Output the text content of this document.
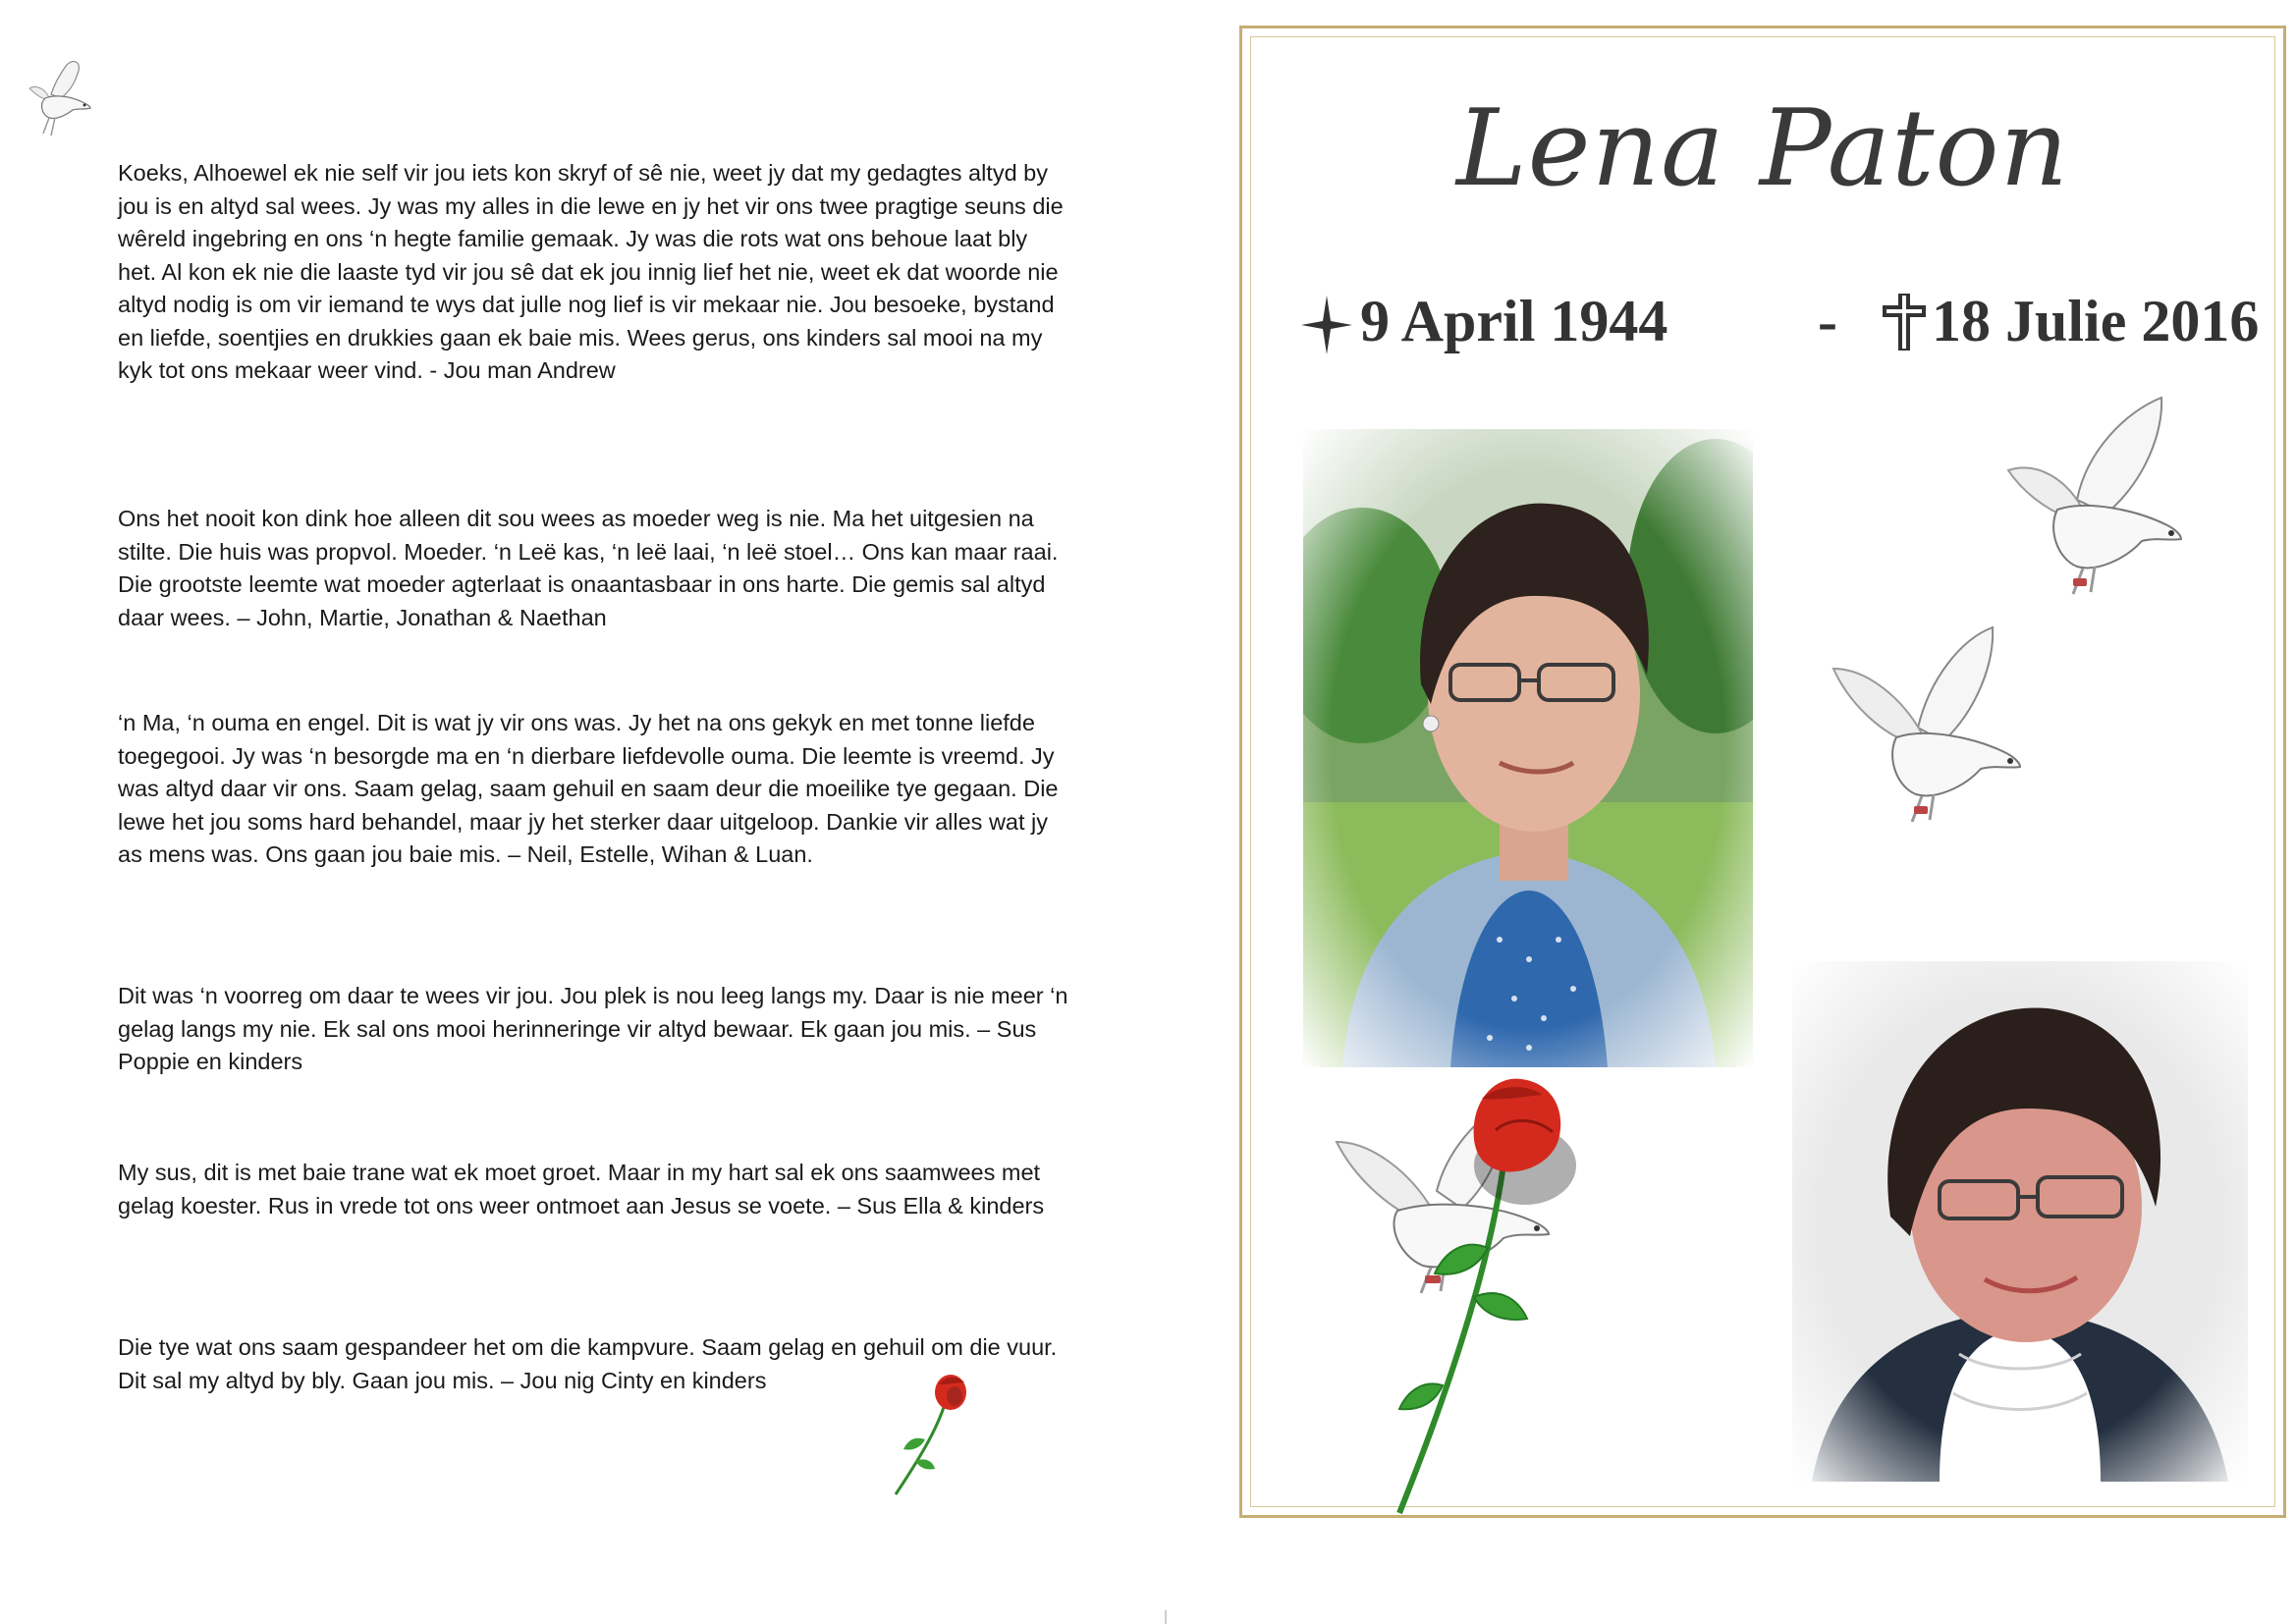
Koeks, Alhoewel ek nie self vir jou iets kon skryf of sê nie, weet jy dat my gedagtes altyd by jou is en altyd sal wees. Jy was my alles in die lewe en jy het vir ons twee pragtige seuns die wêreld ingebring en ons ‘n hegte familie gemaak. Jy was die rots wat ons behoue laat bly het. Al kon ek nie die laaste tyd vir jou sê dat ek jou innig lief het nie, weet ek dat woorde nie altyd nodig is om vir iemand te wys dat julle nog lief is vir mekaar nie. Jou besoeke, bystand en liefde, soentjies en drukkies gaan ek baie mis. Wees gerus, ons kinders sal mooi na my kyk tot ons mekaar weer vind. - Jou man Andrew

Ons het nooit kon dink hoe alleen dit sou wees as moeder weg is nie. Ma het uitgesien na stilte. Die huis was propvol. Moeder. ‘n Leë kas, ‘n leë laai, ‘n leë stoel… Ons kan maar raai. Die grootste leemte wat moeder agterlaat is onaantasbaar in ons harte. Die gemis sal altyd daar wees. – John, Martie, Jonathan & Naethan

‘n Ma, ‘n ouma en engel. Dit is wat jy vir ons was. Jy het na ons gekyk en met tonne liefde toegegooi. Jy was ‘n besorgde ma en ‘n dierbare liefdevolle ouma. Die leemte is vreemd. Jy was altyd daar vir ons. Saam gelag, saam gehuil en saam deur die moeilike tye gegaan. Die lewe het jou soms hard behandel, maar jy het sterker daar uitgeloop. Dankie vir alles wat jy as mens was. Ons gaan jou baie mis. – Neil, Estelle, Wihan & Luan.

Dit was ‘n voorreg om daar te wees vir jou. Jou plek is nou leeg langs my. Daar is nie meer ‘n gelag langs my nie. Ek sal ons mooi herinneringe vir altyd bewaar. Ek gaan jou mis. – Sus Poppie en kinders

My sus, dit is met baie trane wat ek moet groet. Maar in my hart sal ek ons saamwees met gelag koester. Rus in vrede tot ons weer ontmoet aan Jesus se voete. – Sus Ella & kinders

Die tye wat ons saam gespandeer het om die kampvure. Saam gelag en gehuil om die vuur. Dit sal my altyd by bly. Gaan jou mis. – Jou nig Cinty en kinders

Lena Paton
9 April 1944	- 18 Julie 2016
